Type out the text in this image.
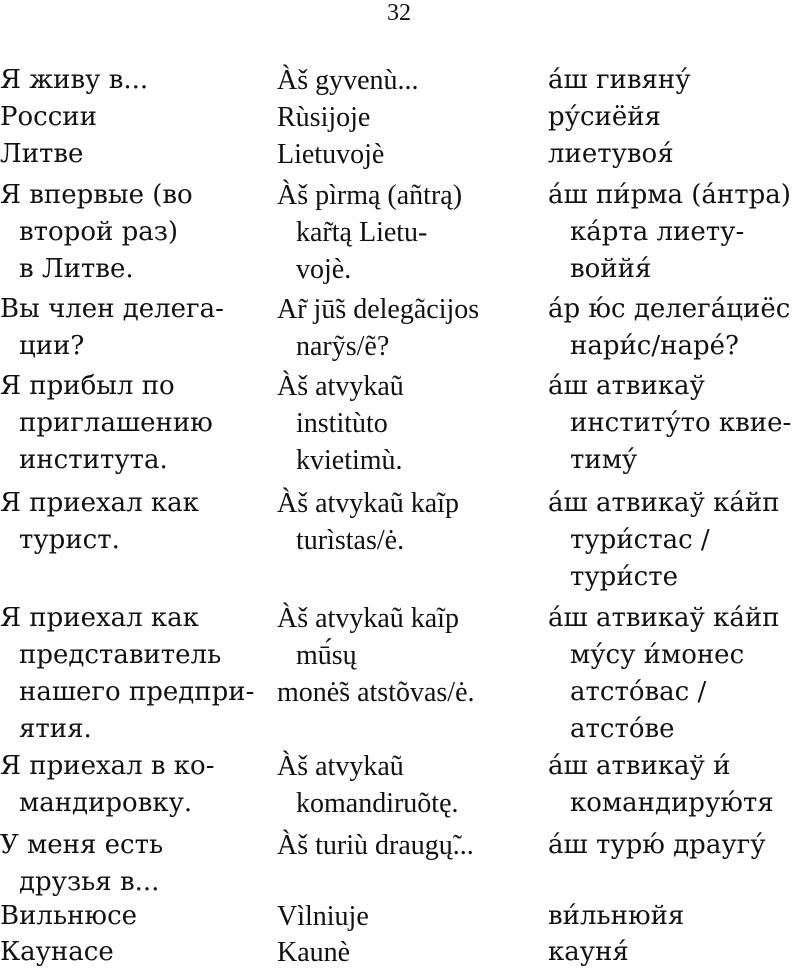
32
Я живу в...
России
Литве
Я впервые (во
второй раз)
в Литве.
Вы член делега-
ции?
Я прибыл по
приглашению
института.
Я приехал как
турист.
Я приехал как
представитель
нашего предпри-
ятия.
Я приехал в ко-
мандировку.
У меня есть
друзья в...
Вильнюсе
Каунасе
Àš gyvenù...
Rùsijoje
Lietuvojè
Àš pìrmą (añtrą)
kar̃tą Lietu-
vojè.
Ar̃ jū̃s delegãcijos
narỹs/ẽ?
Àš atvykaũ
institùto
kvietimù.
Àš atvykaũ kaĩp
turìstas/ė.
Àš atvykaũ kaĩp
mū́sų
monė̃s atstõvas/ė.
Àš atvykaũ
komandiruõtę.
Àš turiù draugų̃...
Vìlniuje
Kaunè
áш гивяну́
ру́сиёйя
лиетувоя́
áш пи́рма (áнтра)
кáрта лиету-
воййя́
áр ю́с делегáциёс
нари́с/наре́?
áш атвикаў
институ́то квие-
тиму́
áш атвикаў кáйп
тури́стас /
тури́сте
áш атвикаў кáйп
му́су и́монес
атстóвас /
атстóве
áш атвикаў и́
командирую́тя
áш турю́ драугу́
ви́льнюйя
кауня́
